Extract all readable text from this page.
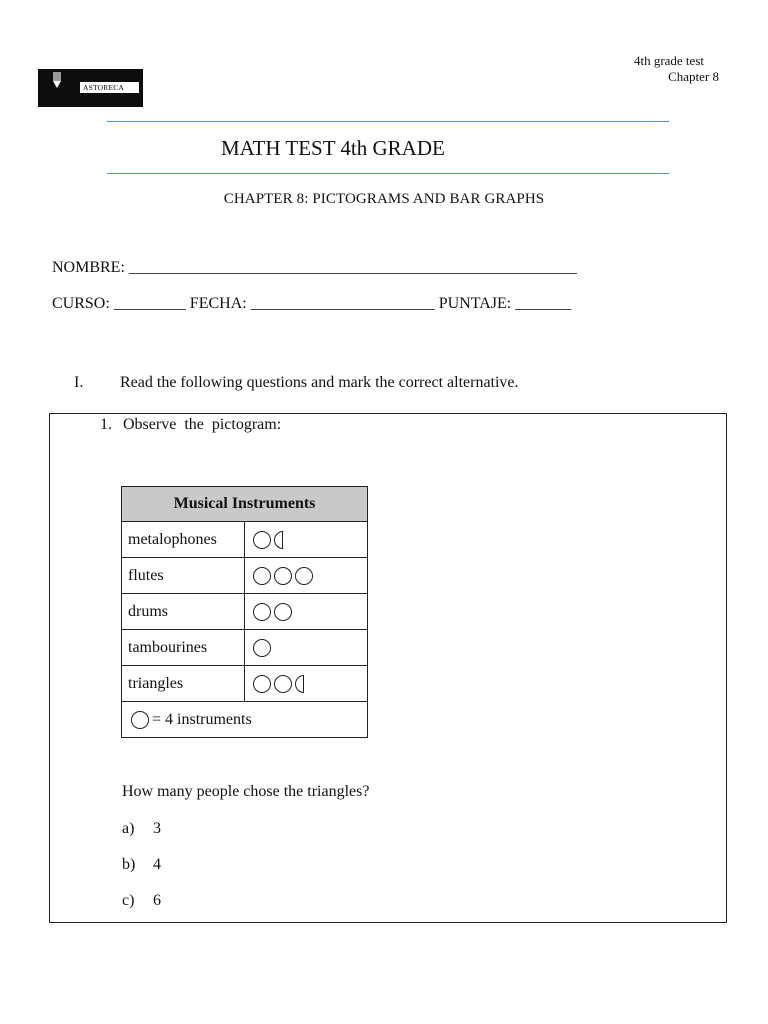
ASTORECA
4th grade test
Chapter 8
MATH TEST 4th GRADE
CHAPTER 8: PICTOGRAMS AND BAR GRAPHS
NOMBRE: ________________________________________________________
CURSO: _________ FECHA: _______________________ PUNTAJE: _______
I. Read the following questions and mark the correct alternative.
1. Observe  the  pictogram:
Musical Instruments	
metalophones	

flutes	

drums	

tambourines	

triangles	

= 4 instruments	
How many people chose the triangles?
a) 3
b) 4
c) 6
